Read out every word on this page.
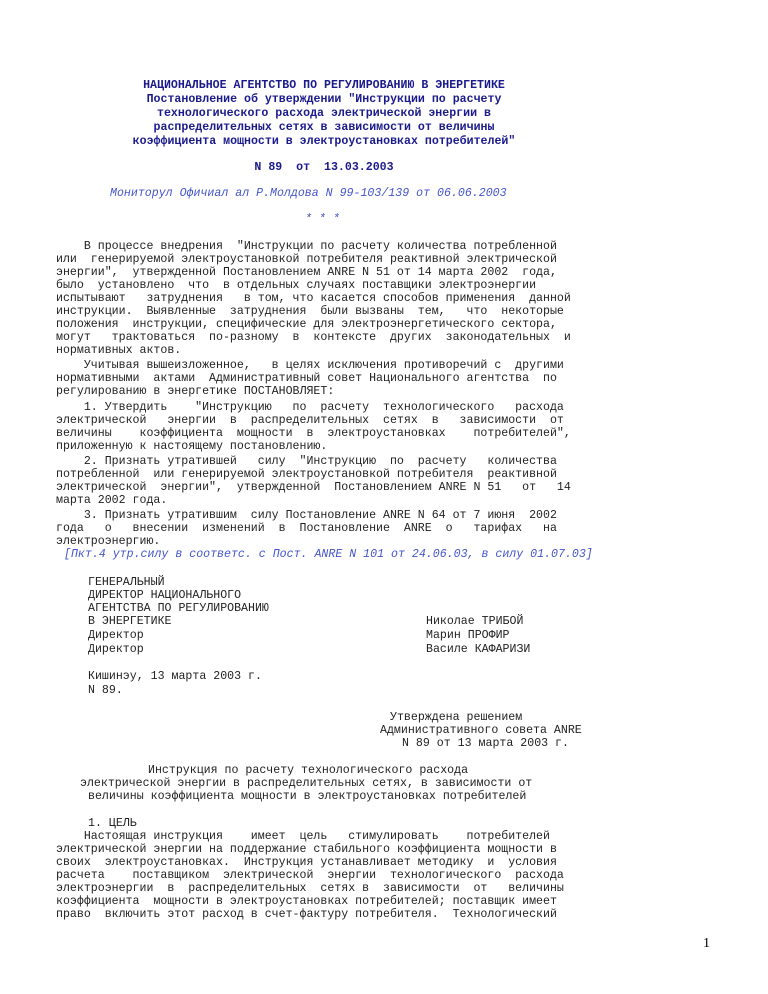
НАЦИОНАЛЬНОЕ АГЕНТСТВО ПО РЕГУЛИРОВАНИЮ В ЭНЕРГЕТИКЕ
Постановление об утверждении "Инструкции по расчету
технологического расхода электрической энергии в
распределительных сетях в зависимости от величины
коэффициента мощности в электроустановках потребителей"
N 89  от  13.03.2003
Мониторул Офичиал ал Р.Молдова N 99-103/139 от 06.06.2003
* * *
В процессе внедрения  "Инструкции по расчету количества потребленной
или  генерируемой электроустановкой потребителя реактивной электрической
энергии",  утвержденной Постановлением ANRE N 51 от 14 марта 2002  года,
было  установлено  что  в отдельных случаях поставщики электроэнергии
испытывают   затруднения   в том, что касается способов применения  данной
инструкции.  Выявленные  затруднения  были вызваны  тем,   что  некоторые
положения  инструкции, специфические для электроэнергетического сектора,
могут   трактоваться  по-разному  в  контексте  других  законодательных  и
нормативных актов.
Учитывая вышеизложенное,   в целях исключения противоречий с  другими
нормативными  актами  Административный совет Национального агентства  по
регулированию в энергетике ПОСТАНОВЛЯЕТ:
1. Утвердить    "Инструкцию   по  расчету  технологического   расхода
электрической   энергии  в  распределительных  сетях  в   зависимости  от
величины    коэффициента  мощности  в  электроустановках    потребителей",
приложенную к настоящему постановлению.
2. Признать утратившей   силу  "Инструкцию  по  расчету   количества
потребленной  или генерируемой электроустановкой потребителя  реактивной
электрической  энергии",  утвержденной  Постановлением ANRE N 51   от   14
марта 2002 года.
3. Признать утратившим  силу Постановление ANRE N 64 от 7 июня  2002
года   о   внесении  изменений  в  Постановление  ANRE  о   тарифах   на
электроэнергию.
[Пкт.4 утр.силу в соответс. с Пост. ANRE N 101 от 24.06.03, в силу 01.07.03]
ГЕНЕРАЛЬНЫЙ
ДИРЕКТОР НАЦИОНАЛЬНОГО
АГЕНТСТВА ПО РЕГУЛИРОВАНИЮ
В ЭНЕРГЕТИКЕ
Директор
Директор
Николае ТРИБОЙ
Марин ПРОФИР
Василе КАФАРИЗИ
Кишинэу, 13 марта 2003 г.
N 89.
Утверждена решением
Административного совета ANRE
N 89 от 13 марта 2003 г.
Инструкция по расчету технологического расхода
электрической энергии в распределительных сетях, в зависимости от
величины коэффициента мощности в электроустановках потребителей
1. ЦЕЛЬ
Настоящая инструкция    имеет  цель   стимулировать    потребителей
электрической энергии на поддержание стабильного коэффициента мощности в
своих  электроустановках.  Инструкция устанавливает методику  и  условия
расчета    поставщиком  электрической  энергии  технологического  расхода
электроэнергии  в  распределительных  сетях в  зависимости  от   величины
коэффициента  мощности в электроустановках потребителей; поставщик имеет
право  включить этот расход в счет-фактуру потребителя.  Технологический
1
